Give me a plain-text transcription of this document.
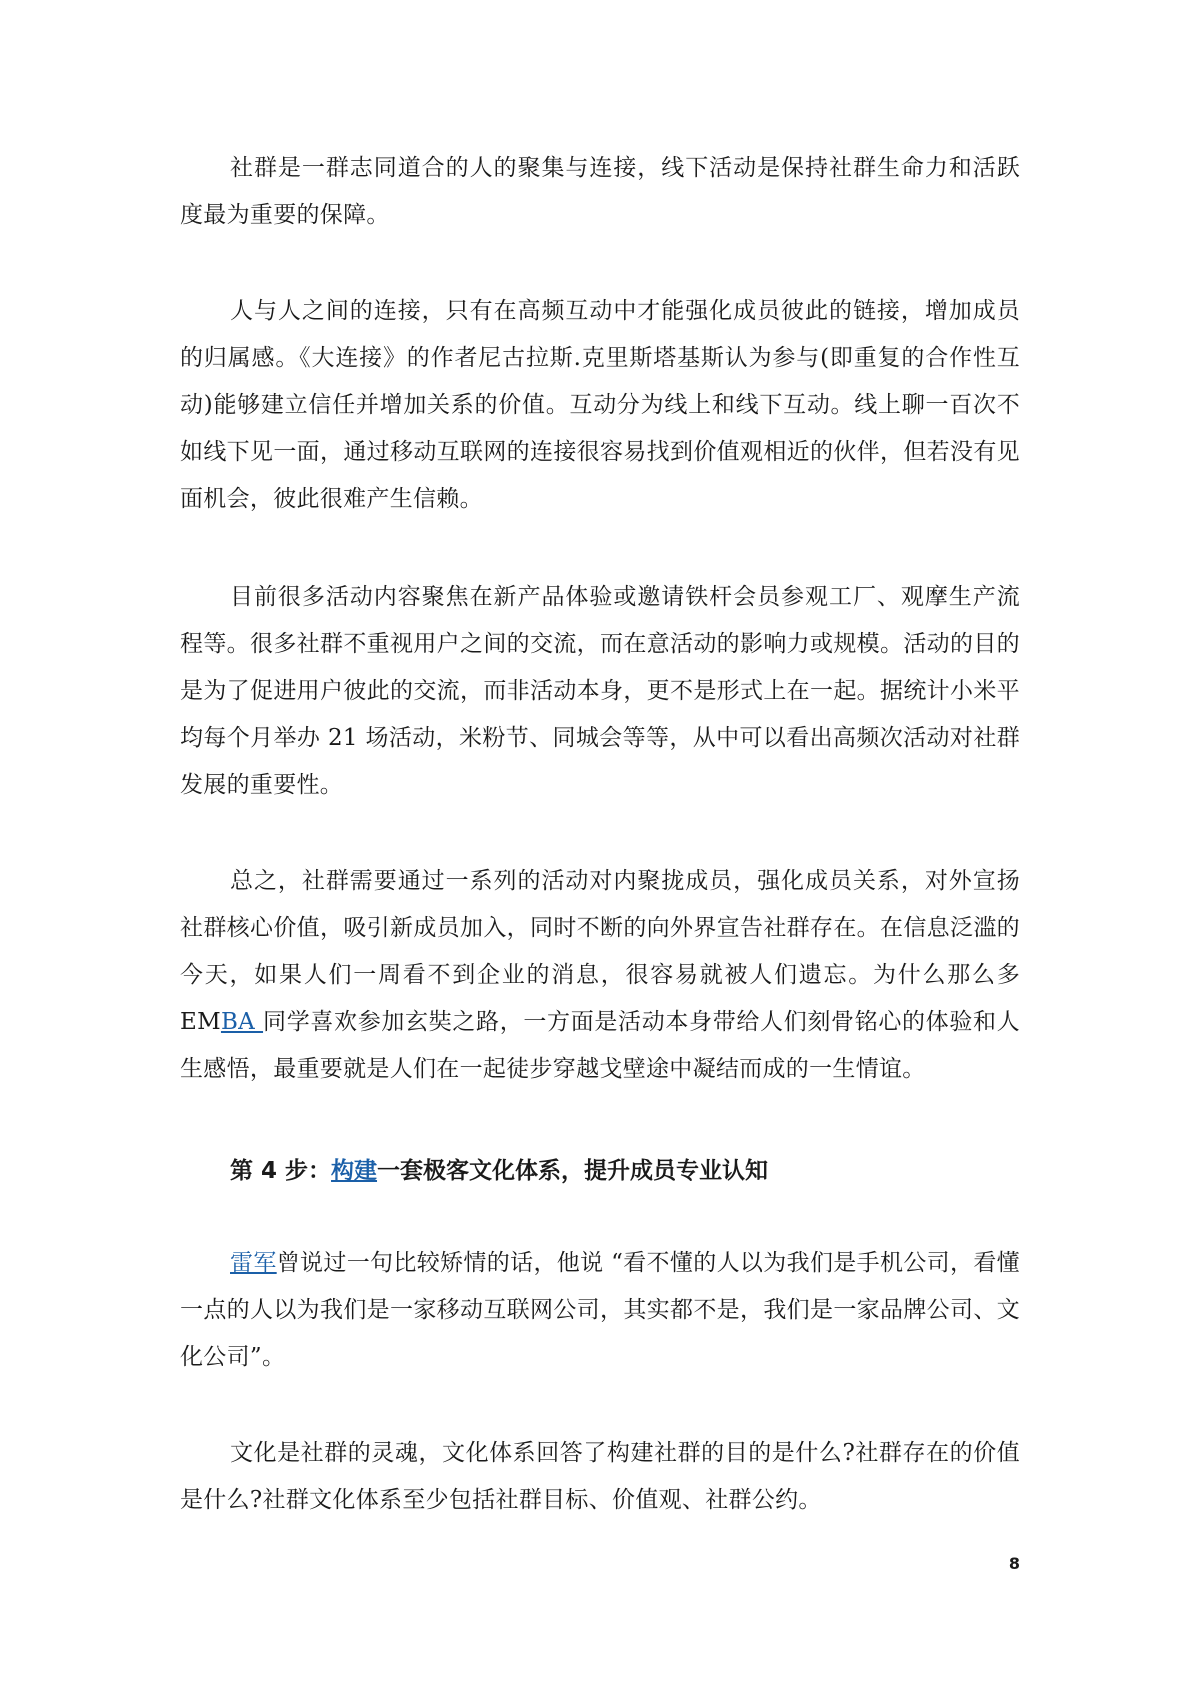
社群是一群志同道合的人的聚集与连接，线下活动是保持社群生命力和活跃度最为重要的保障。

人与人之间的连接，只有在高频互动中才能强化成员彼此的链接，增加成员的归属感。《大连接》的作者尼古拉斯.克里斯塔基斯认为参与(即重复的合作性互动)能够建立信任并增加关系的价值。互动分为线上和线下互动。线上聊一百次不如线下见一面，通过移动互联网的连接很容易找到价值观相近的伙伴，但若没有见面机会，彼此很难产生信赖。

目前很多活动内容聚焦在新产品体验或邀请铁杆会员参观工厂、观摩生产流程等。很多社群不重视用户之间的交流，而在意活动的影响力或规模。活动的目的是为了促进用户彼此的交流，而非活动本身，更不是形式上在一起。据统计小米平均每个月举办 21 场活动，米粉节、同城会等等，从中可以看出高频次活动对社群发展的重要性。

总之，社群需要通过一系列的活动对内聚拢成员，强化成员关系，对外宣扬社群核心价值，吸引新成员加入，同时不断的向外界宣告社群存在。在信息泛滥的今天，如果人们一周看不到企业的消息，很容易就被人们遗忘。为什么那么多EMBA 同学喜欢参加玄奘之路，一方面是活动本身带给人们刻骨铭心的体验和人生感悟，最重要就是人们在一起徒步穿越戈壁途中凝结而成的一生情谊。

第 4 步：构建一套极客文化体系，提升成员专业认知

雷军曾说过一句比较矫情的话，他说 “看不懂的人以为我们是手机公司，看懂一点的人以为我们是一家移动互联网公司，其实都不是，我们是一家品牌公司、文化公司”。

文化是社群的灵魂，文化体系回答了构建社群的目的是什么?社群存在的价值是什么?社群文化体系至少包括社群目标、价值观、社群公约。

8
